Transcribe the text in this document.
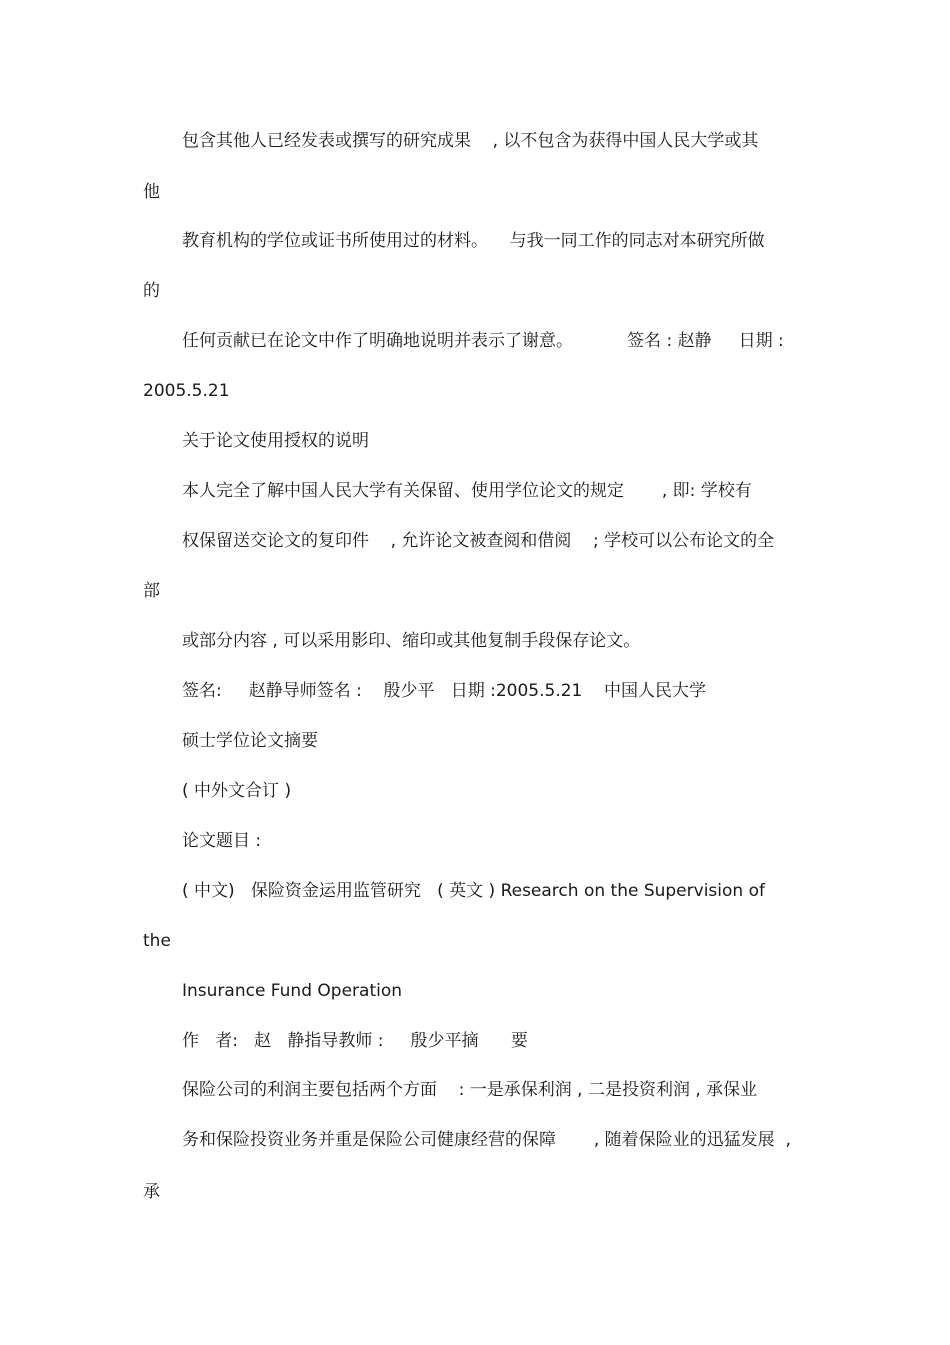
包含其他人已经发表或撰写的研究成果    , 以不包含为获得中国人民大学或其
他
教育机构的学位或证书所使用过的材料。    与我一同工作的同志对本研究所做
的
任何贡献已在论文中作了明确地说明并表示了谢意。          签名 : 赵静     日期 :
2005.5.21
关于论文使用授权的说明
本人完全了解中国人民大学有关保留、使用学位论文的规定       , 即: 学校有
权保留送交论文的复印件    , 允许论文被查阅和借阅    ; 学校可以公布论文的全
部
或部分内容 , 可以采用影印、缩印或其他复制手段保存论文。
签名:     赵静导师签名 :    殷少平   日期 :2005.5.21    中国人民大学
硕士学位论文摘要
( 中外文合订 )
论文题目 :
( 中文)   保险资金运用监管研究   ( 英文 ) Research on the Supervision of
the
Insurance Fund Operation
作   者:   赵   静指导教师 :     殷少平摘      要
保险公司的利润主要包括两个方面    : 一是承保利润 , 二是投资利润 , 承保业
务和保险投资业务并重是保险公司健康经营的保障       , 随着保险业的迅猛发展  ,
承
